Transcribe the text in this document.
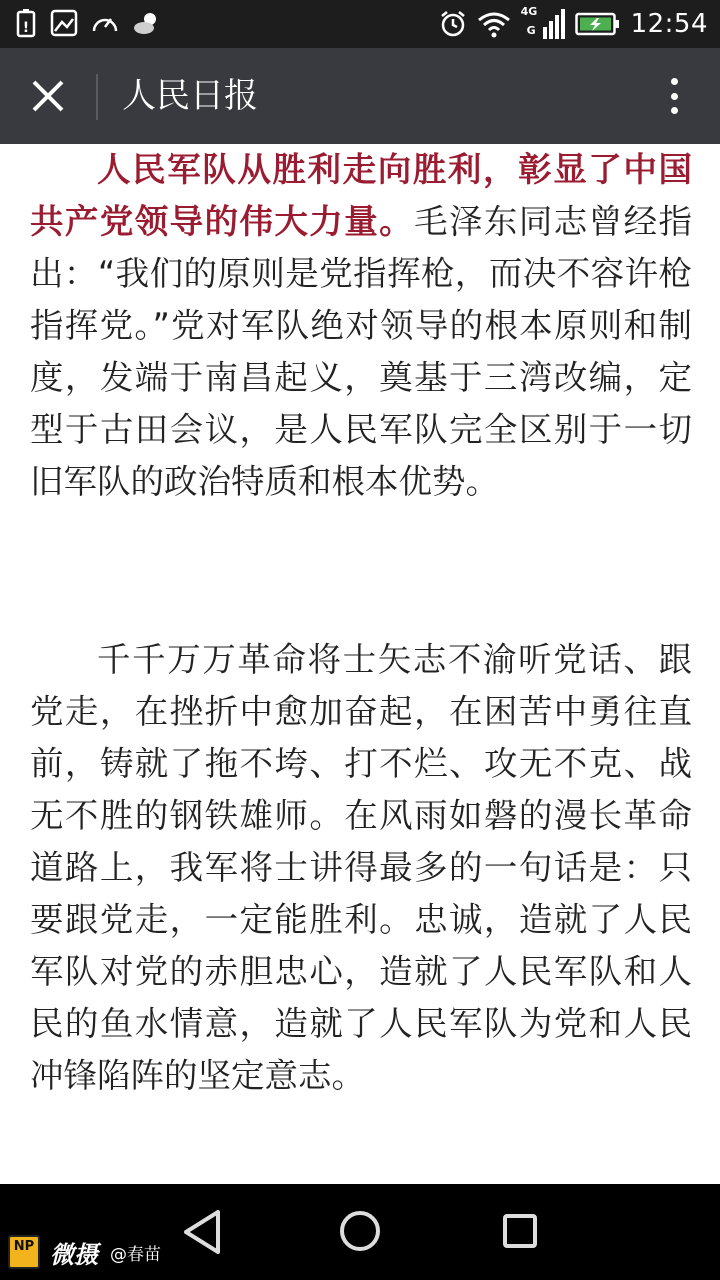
!
4G
G	12:54
人民日报

人民军队从胜利走向胜利，彰显了中国共产党领导的伟大力量。毛泽东同志曾经指出：“我们的原则是党指挥枪，而决不容许枪指挥党。”党对军队绝对领导的根本原则和制度，发端于南昌起义，奠基于三湾改编，定型于古田会议，是人民军队完全区别于一切旧军队的政治特质和根本优势。

千千万万革命将士矢志不渝听党话、跟党走，在挫折中愈加奋起，在困苦中勇往直前，铸就了拖不垮、打不烂、攻无不克、战无不胜的钢铁雄师。在风雨如磐的漫长革命道路上，我军将士讲得最多的一句话是：只要跟党走，一定能胜利。忠诚，造就了人民军队对党的赤胆忠心，造就了人民军队和人民的鱼水情意，造就了人民军队为党和人民冲锋陷阵的坚定意志。

NP 微摄 @春苗
